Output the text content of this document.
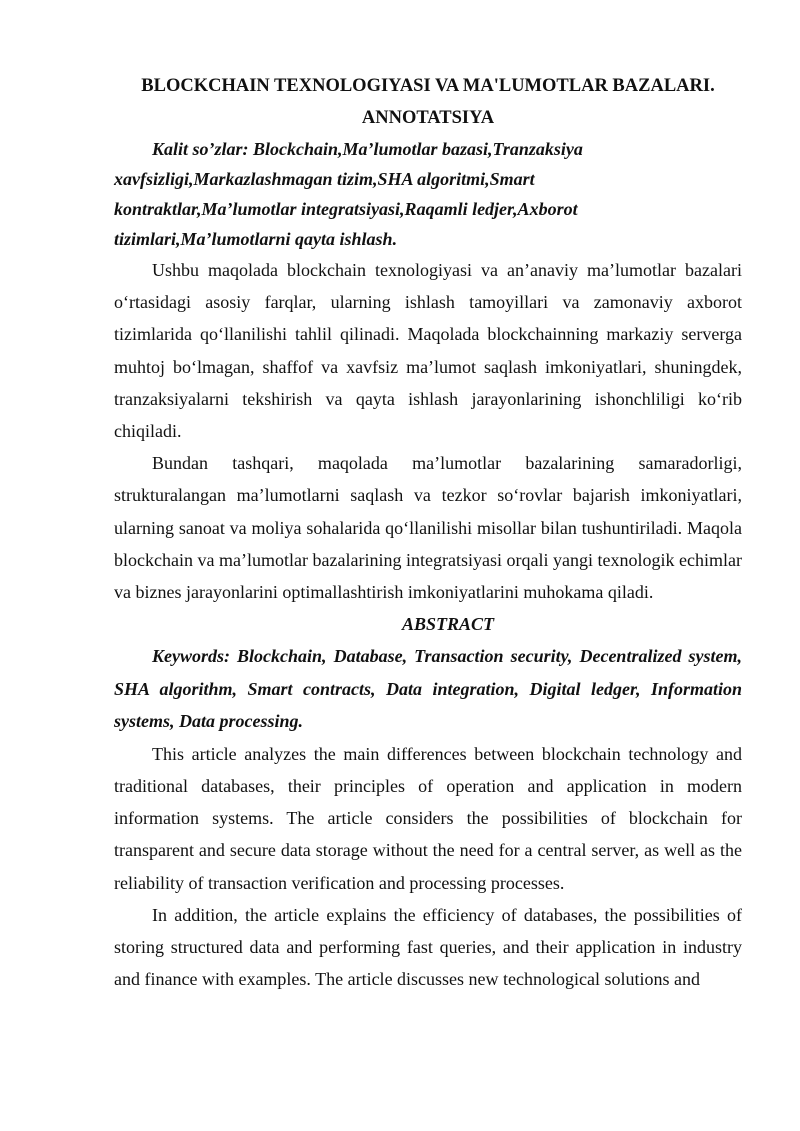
BLOCKCHAIN TEXNOLOGIYASI VA MA'LUMOTLAR BAZALARI.

ANNOTATSIYA

Kalit so’zlar: Blockchain,Ma’lumotlar bazasi,Tranzaksiya xavfsizligi,Markazlashmagan tizim,SHA algoritmi,Smart kontraktlar,Ma’lumotlar integratsiyasi,Raqamli ledjer,Axborot tizimlari,Ma’lumotlarni qayta ishlash.

Ushbu maqolada blockchain texnologiyasi va an’anaviy ma’lumotlar bazalari o‘rtasidagi asosiy farqlar, ularning ishlash tamoyillari va zamonaviy axborot tizimlarida qo‘llanilishi tahlil qilinadi. Maqolada blockchainning markaziy serverga muhtoj bo‘lmagan, shaffof va xavfsiz ma’lumot saqlash imkoniyatlari, shuningdek, tranzaksiyalarni tekshirish va qayta ishlash jarayonlarining ishonchliligi ko‘rib chiqiladi.

Bundan tashqari, maqolada ma’lumotlar bazalarining samaradorligi, strukturalangan ma’lumotlarni saqlash va tezkor so‘rovlar bajarish imkoniyatlari, ularning sanoat va moliya sohalarida qo‘llanilishi misollar bilan tushuntiriladi. Maqola blockchain va ma’lumotlar bazalarining integratsiyasi orqali yangi texnologik echimlar va biznes jarayonlarini optimallashtirish imkoniyatlarini muhokama qiladi.

ABSTRACT

Keywords: Blockchain, Database, Transaction security, Decentralized system, SHA algorithm, Smart contracts, Data integration, Digital ledger, Information systems, Data processing.

This article analyzes the main differences between blockchain technology and traditional databases, their principles of operation and application in modern information systems. The article considers the possibilities of blockchain for transparent and secure data storage without the need for a central server, as well as the reliability of transaction verification and processing processes.

In addition, the article explains the efficiency of databases, the possibilities of storing structured data and performing fast queries, and their application in industry and finance with examples. The article discusses new technological solutions and
